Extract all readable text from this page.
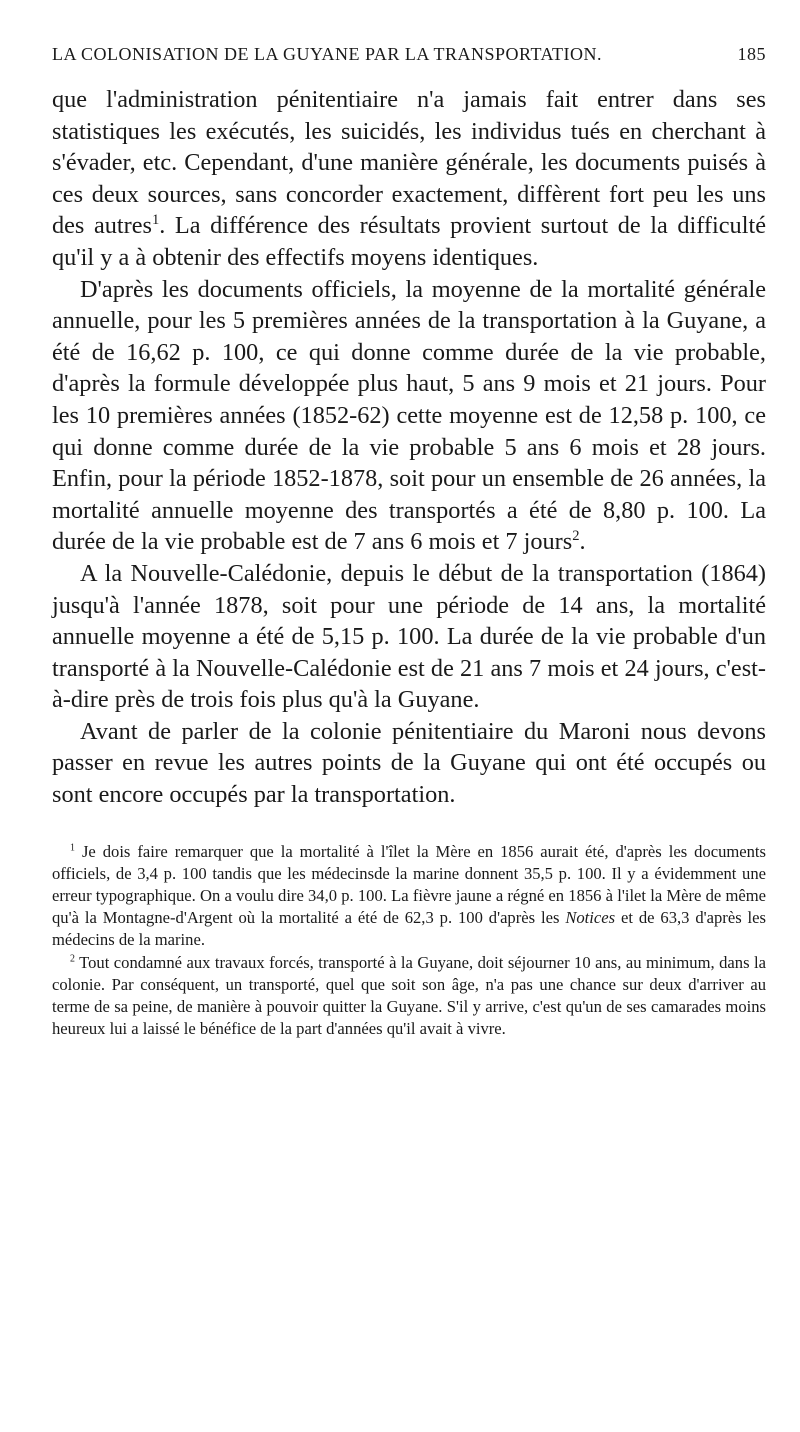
LA COLONISATION DE LA GUYANE PAR LA TRANSPORTATION.	185

que l'administration pénitentiaire n'a jamais fait entrer dans ses statistiques les exécutés, les suicidés, les individus tués en cherchant à s'évader, etc. Cependant, d'une manière générale, les documents puisés à ces deux sources, sans concorder exactement, diffèrent fort peu les uns des autres$^1$. La différence des résultats provient surtout de la difficulté qu'il y a à obtenir des effectifs moyens identiques.

D'après les documents officiels, la moyenne de la mortalité générale annuelle, pour les 5 premières années de la transportation à la Guyane, a été de 16,62 p. 100, ce qui donne comme durée de la vie probable, d'après la formule développée plus haut, 5 ans 9 mois et 21 jours. Pour les 10 premières années (1852-62) cette moyenne est de 12,58 p. 100, ce qui donne comme durée de la vie probable 5 ans 6 mois et 28 jours. Enfin, pour la période 1852-1878, soit pour un ensemble de 26 années, la mortalité annuelle moyenne des transportés a été de 8,80 p. 100. La durée de la vie probable est de 7 ans 6 mois et 7 jours$^2$.

A la Nouvelle-Calédonie, depuis le début de la transportation (1864) jusqu'à l'année 1878, soit pour une période de 14 ans, la mortalité annuelle moyenne a été de 5,15 p. 100. La durée de la vie probable d'un transporté à la Nouvelle-Calédonie est de 21 ans 7 mois et 24 jours, c'est-à-dire près de trois fois plus qu'à la Guyane.

Avant de parler de la colonie pénitentiaire du Maroni nous devons passer en revue les autres points de la Guyane qui ont été occupés ou sont encore occupés par la transportation.

$^1$ Je dois faire remarquer que la mortalité à l'îlet la Mère en 1856 aurait été, d'après les documents officiels, de 3,4 p. 100 tandis que les médecinsde la marine donnent 35,5 p. 100. Il y a évidemment une erreur typographique. On a voulu dire 34,0 p. 100. La fièvre jaune a régné en 1856 à l'ilet la Mère de même qu'à la Montagne-d'Argent où la mortalité a été de 62,3 p. 100 d'après les Notices et de 63,3 d'après les médecins de la marine.

$^2$ Tout condamné aux travaux forcés, transporté à la Guyane, doit séjourner 10 ans, au minimum, dans la colonie. Par conséquent, un transporté, quel que soit son âge, n'a pas une chance sur deux d'arriver au terme de sa peine, de manière à pouvoir quitter la Guyane. S'il y arrive, c'est qu'un de ses camarades moins heureux lui a laissé le bénéfice de la part d'années qu'il avait à vivre.
